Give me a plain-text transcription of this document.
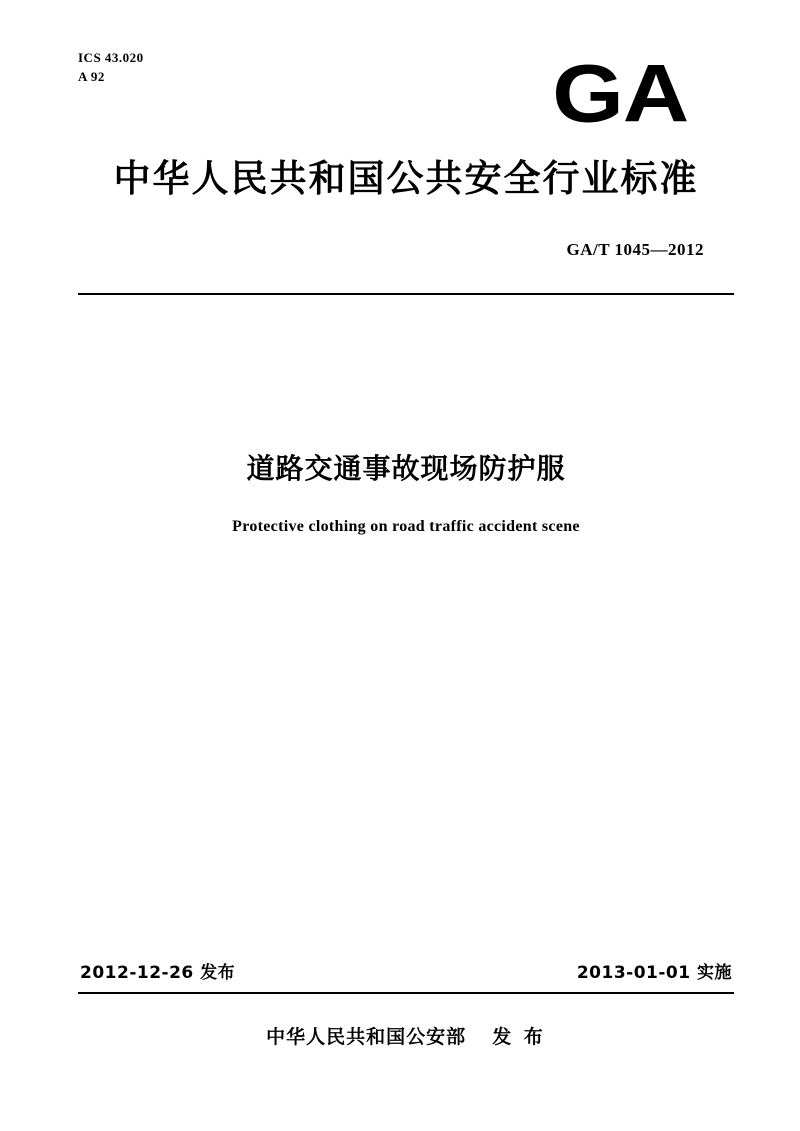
ICS 43.020
A 92	GA
中华人民共和国公共安全行业标准
GA/T 1045—2012
道路交通事故现场防护服
Protective clothing on road traffic accident scene
2012-12-26 发布	2013-01-01 实施
中华人民共和国公安部 发 布
